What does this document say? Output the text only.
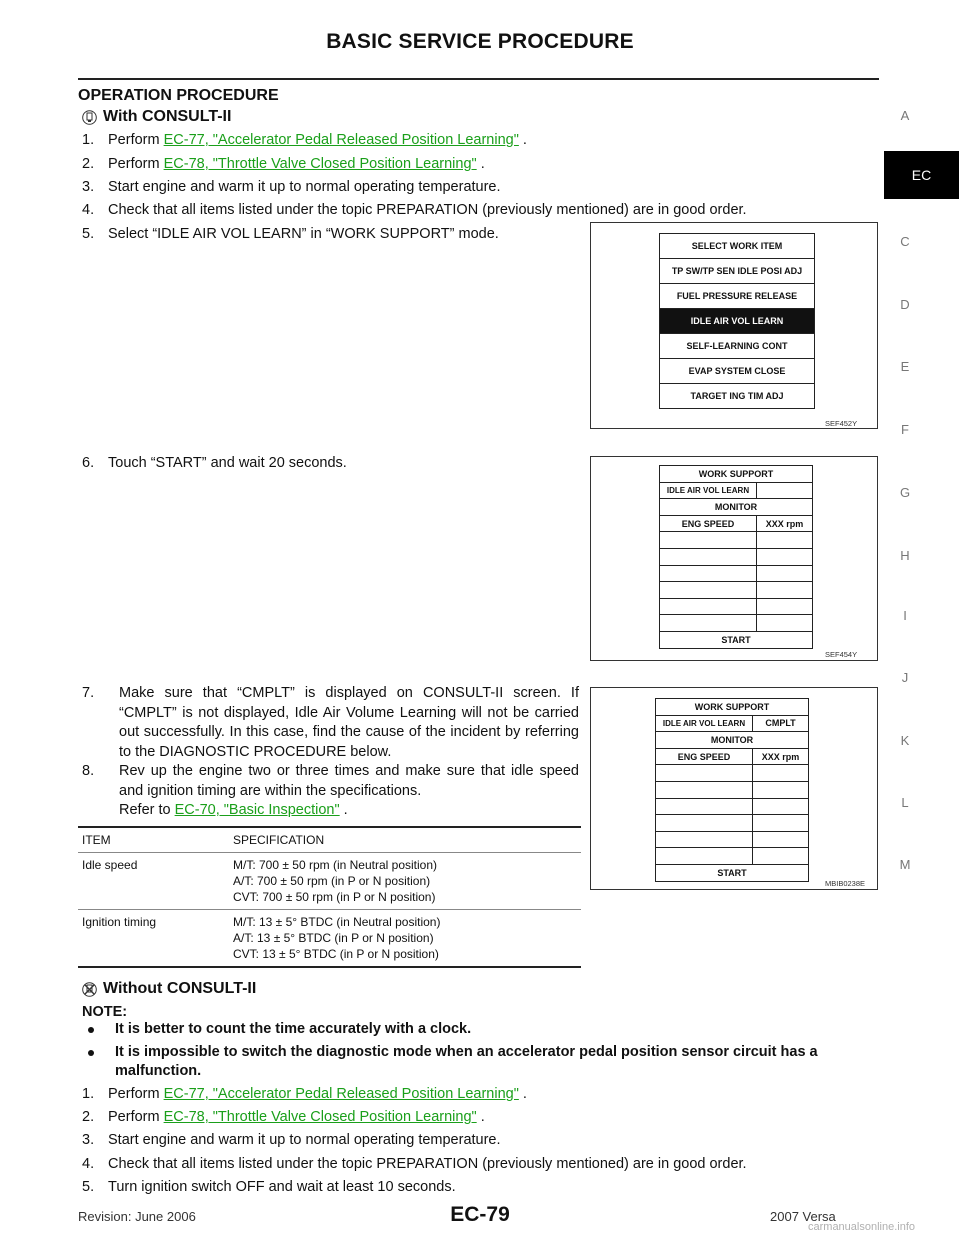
BASIC SERVICE PROCEDURE
A
EC
C
D
E
F
G
H
I
J
K
L
M
OPERATION PROCEDURE
With CONSULT-II
1. Perform EC-77, "Accelerator Pedal Released Position Learning" .
2. Perform EC-78, "Throttle Valve Closed Position Learning" .
3. Start engine and warm it up to normal operating temperature.
4. Check that all items listed under the topic PREPARATION (previously mentioned) are in good order.
5. Select “IDLE AIR VOL LEARN” in “WORK SUPPORT” mode.
SELECT WORK ITEM
TP SW/TP SEN IDLE POSI ADJ
FUEL PRESSURE RELEASE
IDLE AIR VOL LEARN
SELF-LEARNING CONT
EVAP SYSTEM CLOSE
TARGET ING TIM ADJ
SEF452Y
6. Touch “START” and wait 20 seconds.
WORK SUPPORT
IDLE AIR VOL LEARN
MONITOR
ENG SPEED	XXX rpm
START
SEF454Y
7. Make sure that “CMPLT” is displayed on CONSULT-II screen. If “CMPLT” is not displayed, Idle Air Volume Learning will not be carried out successfully. In this case, find the cause of the incident by referring to the DIAGNOSTIC PROCEDURE below.
8. Rev up the engine two or three times and make sure that idle speed and ignition timing are within the specifications.
Refer to EC-70, "Basic Inspection" .
WORK SUPPORT
IDLE AIR VOL LEARN	CMPLT
MONITOR
ENG SPEED	XXX rpm
START
MBIB0238E
ITEM	SPECIFICATION
Idle speed	M/T: 700 ± 50 rpm (in Neutral position)
A/T: 700 ± 50 rpm (in P or N position)
CVT: 700 ± 50 rpm (in P or N position)

Ignition timing	M/T: 13 ± 5° BTDC (in Neutral position)
A/T: 13 ± 5° BTDC (in P or N position)
CVT: 13 ± 5° BTDC (in P or N position)
Without CONSULT-II
NOTE:
It is better to count the time accurately with a clock.
It is impossible to switch the diagnostic mode when an accelerator pedal position sensor circuit has a malfunction.
1. Perform EC-77, "Accelerator Pedal Released Position Learning" .
2. Perform EC-78, "Throttle Valve Closed Position Learning" .
3. Start engine and warm it up to normal operating temperature.
4. Check that all items listed under the topic PREPARATION (previously mentioned) are in good order.
5. Turn ignition switch OFF and wait at least 10 seconds.
Revision: June 2006	EC-79	2007 Versa
carmanualsonline.info
